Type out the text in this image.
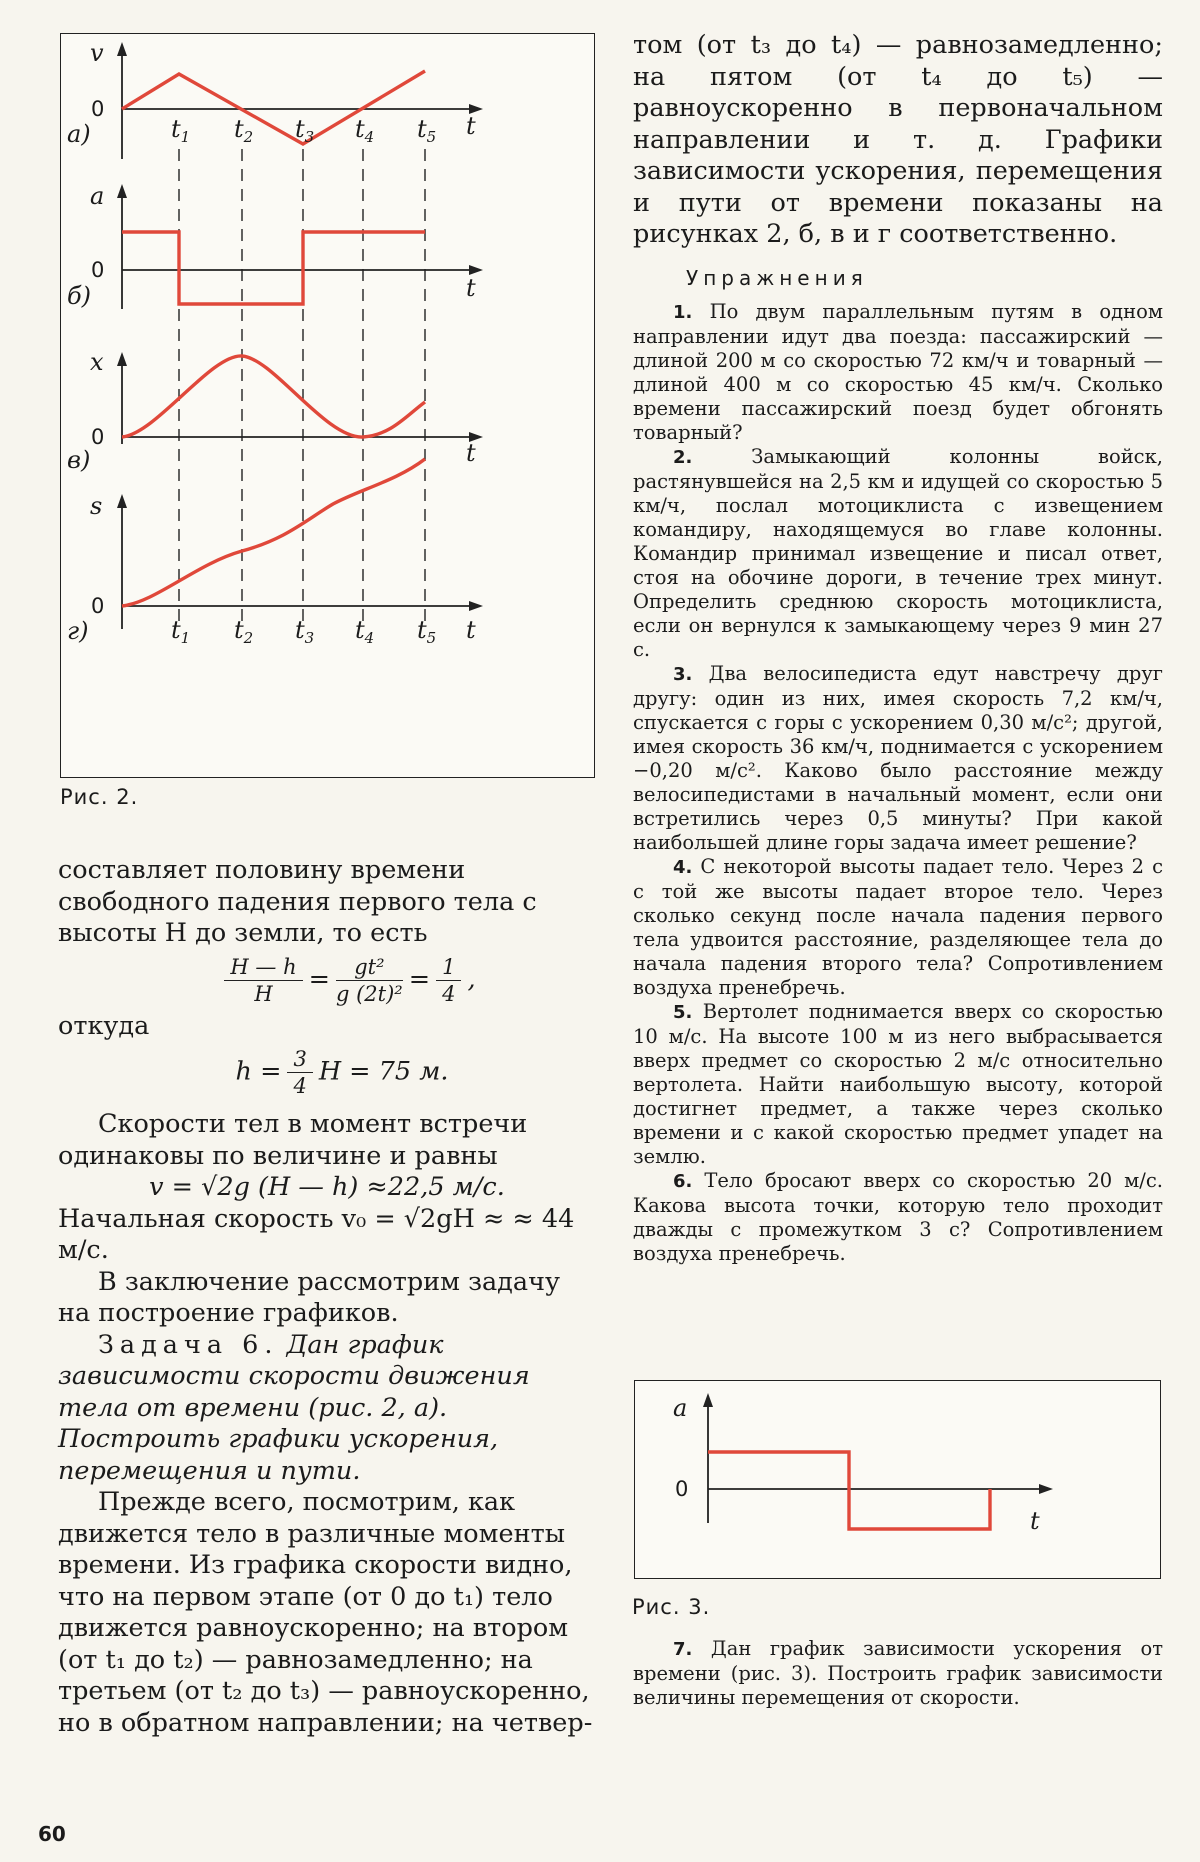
v
0
а)	t
a
0
б)	t
x
0
в)	t
s
0
г)	t
$t_1$ $t_2$ $t_3$ $t_4$ $t_5$
$t_1$ $t_2$ $t_3$ $t_4$ $t_5$
Рис. 2.

составляет половину времени свободного падения первого тела с высоты H до земли, то есть

$\frac{H — h}{H} = \frac{\text{gt²}}{\text{g (2t)²}} = \frac{1}{4}$ ,

откуда

$h = \frac{3}{4}$ H = 75 м.

Скорости тел в момент встречи одинаковы по величине и равны

v = √2g (H — h) ≈22,5 м/с.

Начальная скорость v₀ = √2gH ≈ ≈ 44 м/с.

В заключение рассмотрим задачу на построение графиков.

Задача 6. Дан график зависимости скорости движения тела от времени (рис. 2, а). Построить графики ускорения, перемещения и пути.

Прежде всего, посмотрим, как движется тело в различные моменты времени. Из графика скорости видно, что на первом этапе (от 0 до t₁) тело движется равноускоренно; на втором (от t₁ до t₂) — равнозамедленно; на третьем (от t₂ до t₃) — равноускоренно, но в обратном направлении; на четвер-

том (от t₃ до t₄) — равнозамедленно; на пятом (от t₄ до t₅) — равноускоренно в первоначальном направлении и т. д. Графики зависимости ускорения, перемещения и пути от времени показаны на рисунках 2, б, в и г соответственно.

Упражнения

1. По двум параллельным путям в одном направлении идут два поезда: пассажирский — длиной 200 м со скоростью 72 км/ч и товарный — длиной 400 м со скоростью 45 км/ч. Сколько времени пассажирский поезд будет обгонять товарный?

2.	Замыкающий колонны войск, растянувшейся на 2,5 км и идущей со скоростью 5 км/ч, послал мотоциклиста с извещением командиру, находящемуся во главе колонны. Командир принимал извещение и писал ответ, стоя на обочине дороги, в течение трех минут. Определить среднюю скорость мотоциклиста, если он вернулся к замыкающему через 9 мин 27 с.

3. Два велосипедиста едут навстречу друг другу: один из них, имея скорость 7,2 км/ч, спускается с горы с ускорением 0,30 м/с²; другой, имея скорость 36 км/ч, поднимается с ускорением −0,20 м/с². Каково было расстояние между велосипедистами в начальный момент, если они встретились через 0,5 минуты? При какой наибольшей длине горы задача имеет решение?

4. С некоторой высоты падает тело. Через 2 с с той же высоты падает второе тело. Через сколько секунд после начала падения первого тела удвоится расстояние, разделяющее тела до начала падения второго тела? Сопротивлением воздуха пренебречь.

5. Вертолет поднимается вверх со скоростью 10 м/с. На высоте 100 м из него выбрасывается вверх предмет со скоростью 2 м/с относительно вертолета. Найти наибольшую высоту, которой достигнет предмет, а также через сколько времени и с какой скоростью предмет упадет на землю.

6. Тело бросают вверх со скоростью 20 м/с. Какова высота точки, которую тело проходит дважды с промежутком 3 с? Сопротивлением воздуха пренебречь.

a
0
t
Рис. 3.

7. Дан график зависимости ускорения от времени (рис. 3). Построить график зависимости величины перемещения от скорости.

60
